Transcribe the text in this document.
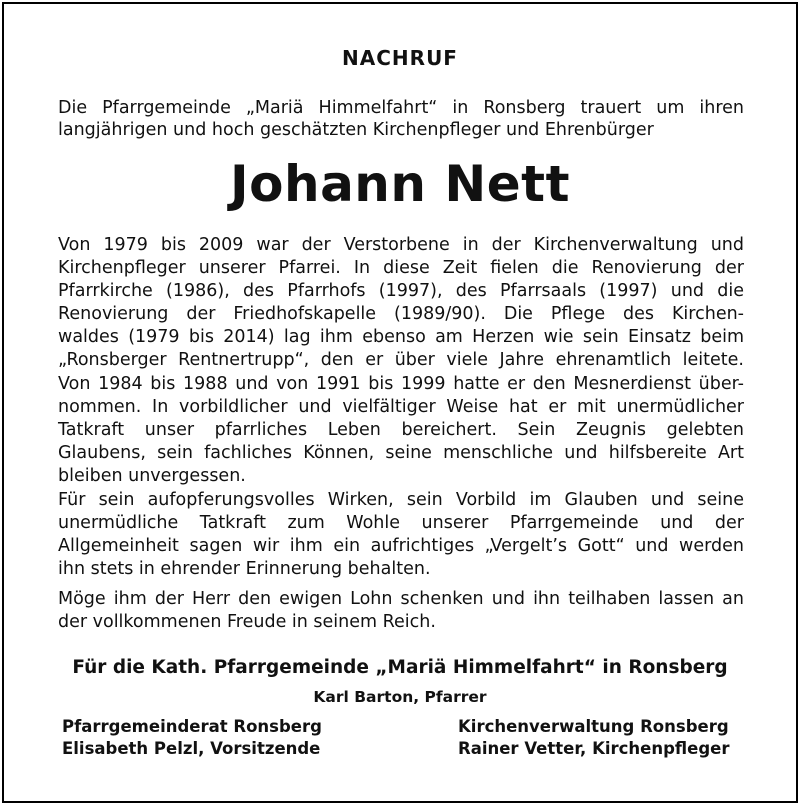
NACHRUF
Die Pfarrgemeinde „Mariä Himmelfahrt“ in Ronsberg trauert um ihren
langjährigen und hoch geschätzten Kirchenpfleger und Ehrenbürger
Johann Nett
Von 1979 bis 2009 war der Verstorbene in der Kirchenverwaltung und
Kirchenpfleger unserer Pfarrei. In diese Zeit fielen die Renovierung der
Pfarrkirche (1986), des Pfarrhofs (1997), des Pfarrsaals (1997) und die
Renovierung der Friedhofskapelle (1989/90). Die Pflege des Kirchen-
waldes (1979 bis 2014) lag ihm ebenso am Herzen wie sein Einsatz beim
„Ronsberger Rentnertrupp“, den er über viele Jahre ehrenamtlich leitete.
Von 1984 bis 1988 und von 1991 bis 1999 hatte er den Mesnerdienst über-
nommen. In vorbildlicher und vielfältiger Weise hat er mit unermüdlicher
Tatkraft unser pfarrliches Leben bereichert. Sein Zeugnis gelebten
Glaubens, sein fachliches Können, seine menschliche und hilfsbereite Art
bleiben unvergessen.
Für sein aufopferungsvolles Wirken, sein Vorbild im Glauben und seine
unermüdliche Tatkraft zum Wohle unserer Pfarrgemeinde und der
Allgemeinheit sagen wir ihm ein aufrichtiges „Vergelt’s Gott“ und werden
ihn stets in ehrender Erinnerung behalten.
Möge ihm der Herr den ewigen Lohn schenken und ihn teilhaben lassen an
der vollkommenen Freude in seinem Reich.
Für die Kath. Pfarrgemeinde „Mariä Himmelfahrt“ in Ronsberg
Karl Barton, Pfarrer
Pfarrgemeinderat Ronsberg
Elisabeth Pelzl, Vorsitzende
Kirchenverwaltung Ronsberg
Rainer Vetter, Kirchenpfleger
